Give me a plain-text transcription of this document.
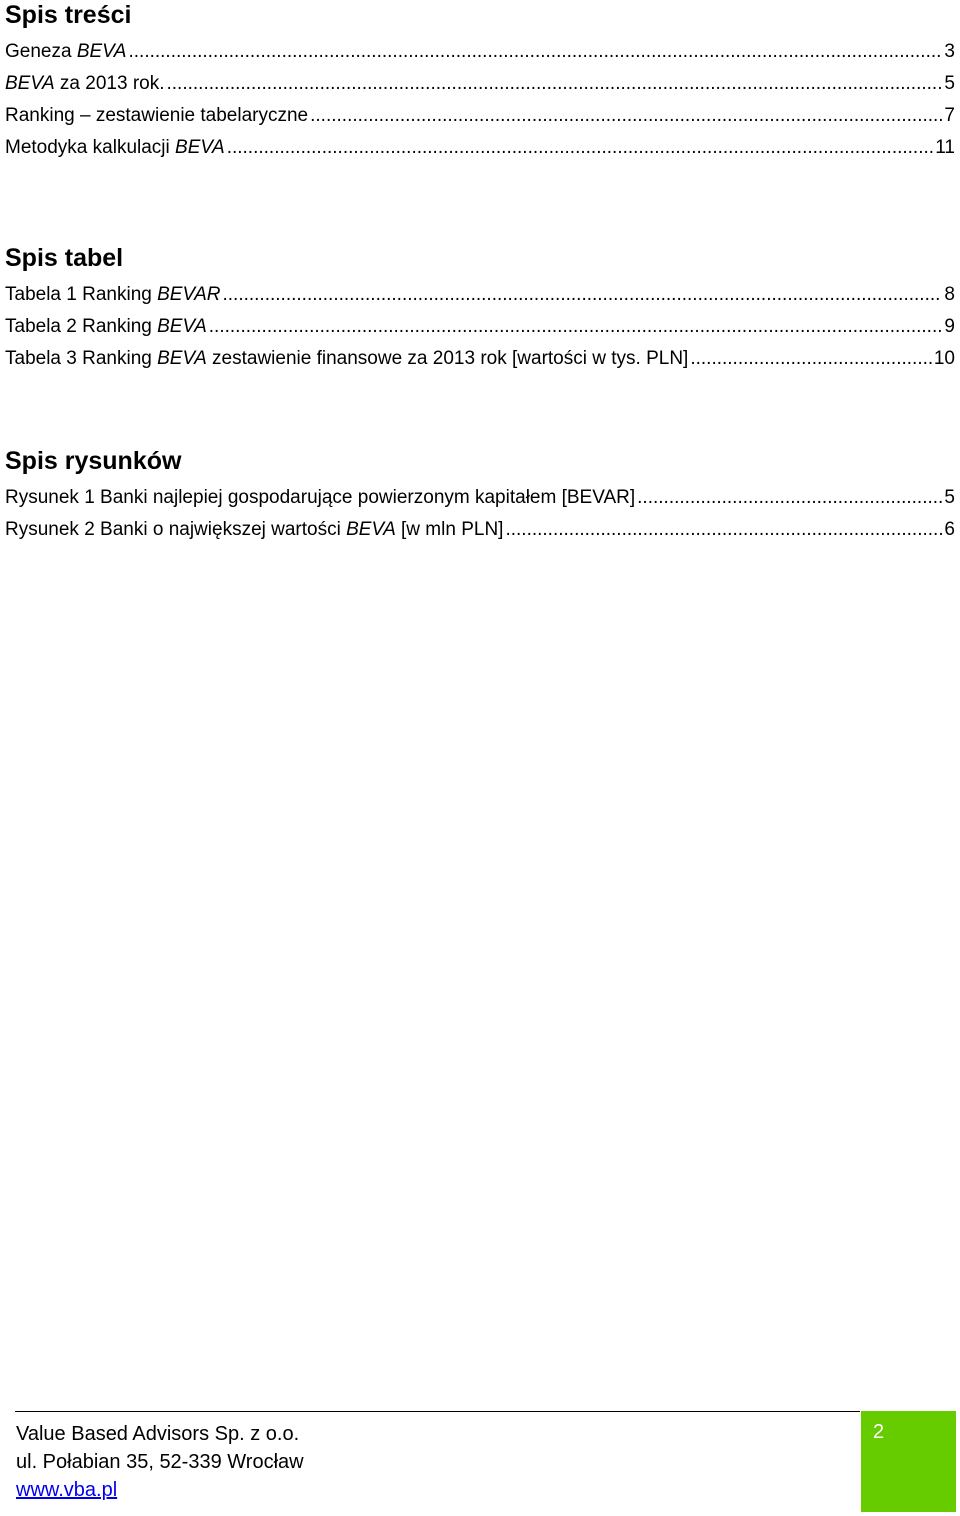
Spis treści
Geneza BEVA .....	3
BEVA za 2013 rok. .....	5
Ranking – zestawienie tabelaryczne .....	7
Metodyka kalkulacji BEVA .....	11
Spis tabel
Tabela 1 Ranking BEVAR .....	8
Tabela 2 Ranking BEVA .....	9
Tabela 3 Ranking BEVA zestawienie finansowe za 2013 rok [wartości w tys. PLN] .....	10
Spis rysunków
Rysunek 1 Banki najlepiej gospodarujące powierzonym kapitałem [BEVAR] .....	5
Rysunek 2 Banki o największej wartości BEVA [w mln PLN] .....	6
Value Based Advisors Sp. z o.o.
ul. Połabian 35, 52-339 Wrocław
www.vba.pl
2
